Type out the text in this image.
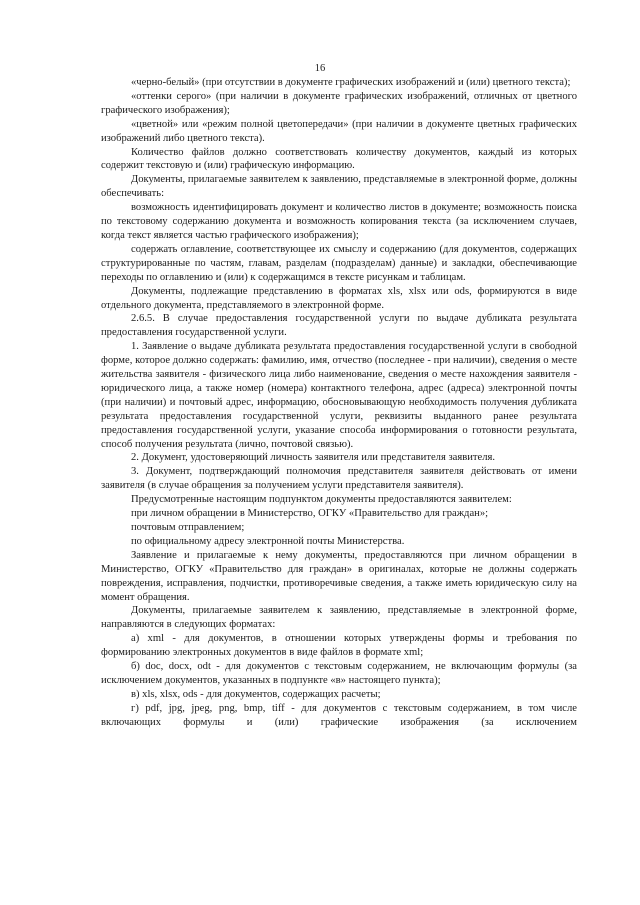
16

«черно-белый» (при отсутствии в документе графических изображений и (или) цветного текста);

«оттенки серого» (при наличии в документе графических изображений, отличных от цветного графического изображения);

«цветной» или «режим полной цветопередачи» (при наличии в документе цветных графических изображений либо цветного текста).

Количество файлов должно соответствовать количеству документов, каждый из которых содержит текстовую и (или) графическую информацию.

Документы, прилагаемые заявителем к заявлению, представляемые в электронной форме, должны обеспечивать:

возможность идентифицировать документ и количество листов в документе; возможность поиска по текстовому содержанию документа и возможность копирования текста (за исключением случаев, когда текст является частью графического изображения);

содержать оглавление, соответствующее их смыслу и содержанию (для документов, содержащих структурированные по частям, главам, разделам (подразделам) данные) и закладки, обеспечивающие переходы по оглавлению и (или) к содержащимся в тексте рисункам и таблицам.

Документы, подлежащие представлению в форматах xls, xlsx или ods, формируются в виде отдельного документа, представляемого в электронной форме.

2.6.5. В случае предоставления государственной услуги по выдаче дубликата результата предоставления государственной услуги.

1. Заявление о выдаче дубликата результата предоставления государственной услуги в свободной форме, которое должно содержать: фамилию, имя, отчество (последнее - при наличии), сведения о месте жительства заявителя - физического лица либо наименование, сведения о месте нахождения заявителя - юридического лица, а также номер (номера) контактного телефона, адрес (адреса) электронной почты (при наличии) и почтовый адрес, информацию, обосновывающую необходимость получения дубликата результата предоставления государственной услуги, реквизиты выданного ранее результата предоставления государственной услуги, указание способа информирования о готовности результата, способ получения результата (лично, почтовой связью).

2. Документ, удостоверяющий личность заявителя или представителя заявителя.

3. Документ, подтверждающий полномочия представителя заявителя действовать от имени заявителя (в случае обращения за получением услуги представителя заявителя).

Предусмотренные настоящим подпунктом документы предоставляются заявителем:

при личном обращении в Министерство, ОГКУ «Правительство для граждан»;

почтовым отправлением;

по официальному адресу электронной почты Министерства.

Заявление и прилагаемые к нему документы, предоставляются при личном обращении в Министерство, ОГКУ «Правительство для граждан» в оригиналах, которые не должны содержать повреждения, исправления, подчистки, противоречивые сведения, а также иметь юридическую силу на момент обращения.

Документы, прилагаемые заявителем к заявлению, представляемые в электронной форме, направляются в следующих форматах:

а) xml - для документов, в отношении которых утверждены формы и требования по формированию электронных документов в виде файлов в формате xml;

б) doc, docx, odt - для документов с текстовым содержанием, не включающим формулы (за исключением документов, указанных в подпункте «в» настоящего пункта);

в) xls, xlsx, ods - для документов, содержащих расчеты;

г) pdf, jpg, jpeg, png, bmp, tiff - для документов с текстовым содержанием, в том числе включающих формулы и (или) графические изображения (за исключением
